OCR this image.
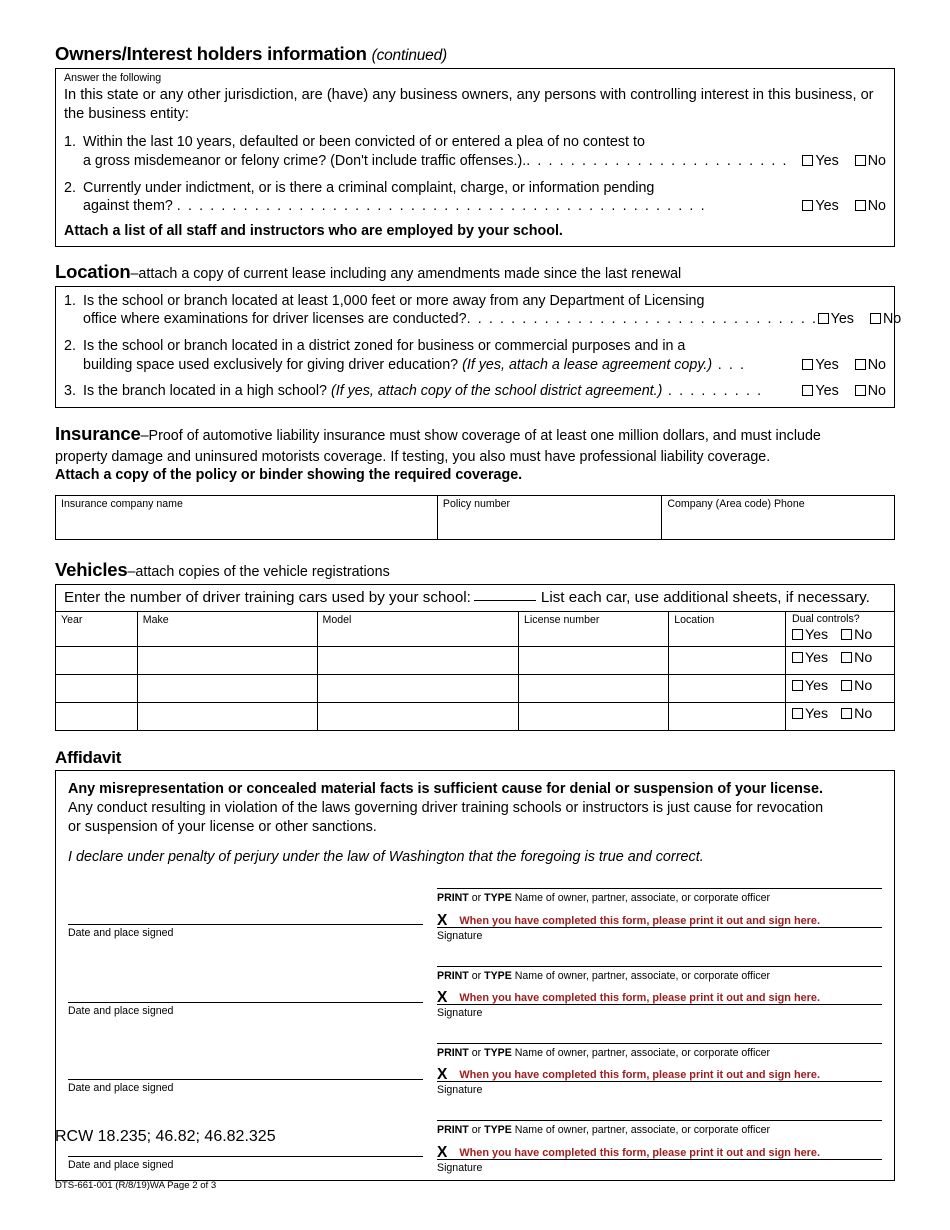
Owners/Interest holders information (continued)
Answer the following
In this state or any other jurisdiction, are (have) any business owners, any persons with controlling interest in this business, or the business entity:
1. Within the last 10 years, defaulted or been convicted of or entered a plea of no contest to
a gross misdemeanor or felony crime? (Don't include traffic offenses.).. . . . . . . . . . . . . . . . . . . . . . . .	Yes	No
2. Currently under indictment, or is there a criminal complaint, charge, or information pending
against them? . . . . . . . . . . . . . . . . . . . . . . . . . . . . . . . . . . . . . . . . . . . . . . . .	Yes	No
Attach a list of all staff and instructors who are employed by your school.
Location–attach a copy of current lease including any amendments made since the last renewal
1. Is the school or branch located at least 1,000 feet or more away from any Department of Licensing
office where examinations for driver licenses are conducted?. . . . . . . . . . . . . . . . . . . . . . . . . . . . . . . . Yes	No
2. Is the school or branch located in a district zoned for business or commercial purposes and in a
building space used exclusively for giving driver education? (If yes, attach a lease agreement copy.) . . .	Yes	No
3. Is the branch located in a high school? (If yes, attach copy of the school district agreement.) . . . . . . . . .	Yes	No
Insurance–Proof of automotive liability insurance must show coverage of at least one million dollars, and must include
property damage and uninsured motorists coverage. If testing, you also must have professional liability coverage.
Attach a copy of the policy or binder showing the required coverage.
Insurance company name	Policy number	Company (Area code) Phone
Vehicles–attach copies of the vehicle registrations
Enter the number of driver training cars used by your school:	List each car, use additional sheets, if necessary.
Year	Make	Model	License number	Location	Dual controls?
Yes No

					Yes No

					Yes No

					Yes No
Affidavit
Any misrepresentation or concealed material facts is sufficient cause for denial or suspension of your license.
Any conduct resulting in violation of the laws governing driver training schools or instructors is just cause for revocation
or suspension of your license or other sanctions.
I declare under penalty of perjury under the law of Washington that the foregoing is true and correct.
Date and place signed
PRINT or TYPE Name of owner, partner, associate, or corporate officer
X When you have completed this form, please print it out and sign here.
Signature
Date and place signed
PRINT or TYPE Name of owner, partner, associate, or corporate officer
X When you have completed this form, please print it out and sign here.
Signature
Date and place signed
PRINT or TYPE Name of owner, partner, associate, or corporate officer
X When you have completed this form, please print it out and sign here.
Signature
Date and place signed
PRINT or TYPE Name of owner, partner, associate, or corporate officer
X When you have completed this form, please print it out and sign here.
Signature
RCW 18.235; 46.82; 46.82.325
DTS-661-001 (R/8/19)WA Page 2 of 3
